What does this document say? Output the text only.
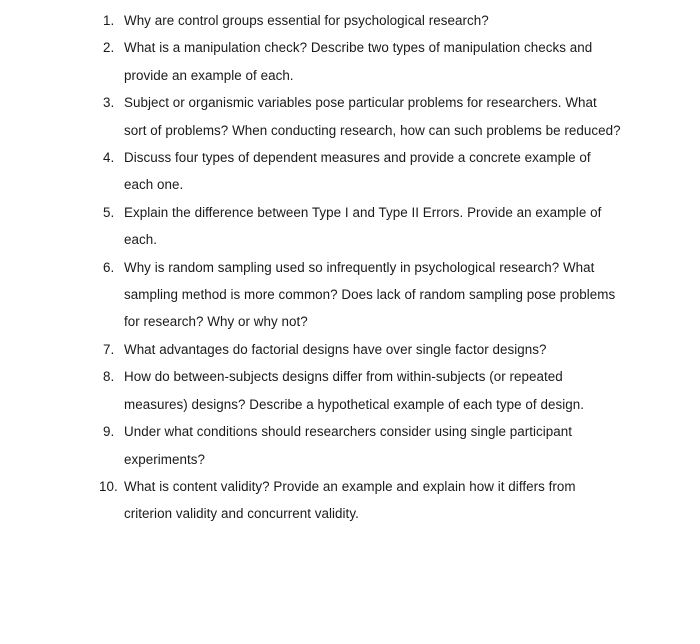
1. Why are control groups essential for psychological research?
2. What is a manipulation check? Describe two types of manipulation checks and provide an example of each.
3. Subject or organismic variables pose particular problems for researchers. What sort of problems? When conducting research, how can such problems be reduced?
4. Discuss four types of dependent measures and provide a concrete example of each one.
5. Explain the difference between Type I and Type II Errors. Provide an example of each.
6. Why is random sampling used so infrequently in psychological research? What sampling method is more common? Does lack of random sampling pose problems for research? Why or why not?
7. What advantages do factorial designs have over single factor designs?
8. How do between-subjects designs differ from within-subjects (or repeated measures) designs? Describe a hypothetical example of each type of design.
9. Under what conditions should researchers consider using single participant experiments?
10. What is content validity? Provide an example and explain how it differs from criterion validity and concurrent validity.
